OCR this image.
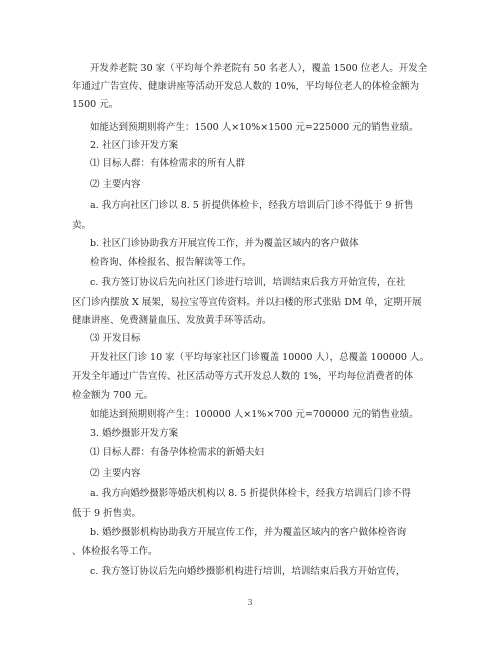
开发养老院 30 家（平均每个养老院有 50 名老人），覆盖 1500 位老人。开发全
年通过广告宣传、健康讲座等活动开发总人数的 10%，平均每位老人的体检金额为
1500 元。
如能达到预期则将产生：1500 人×10%×1500 元=225000 元的销售业绩。
2. 社区门诊开发方案
⑴ 目标人群：有体检需求的所有人群
⑵ 主要内容
a. 我方向社区门诊以 8. 5 折提供体检卡，经我方培训后门诊不得低于 9 折售
卖。
b. 社区门诊协助我方开展宣传工作，并为覆盖区域内的客户做体
检咨询、体检报名、报告解读等工作。
c. 我方签订协议后先向社区门诊进行培训，培训结束后我方开始宣传，在社
区门诊内摆放 X 展架，易拉宝等宣传资料。并以扫楼的形式张贴 DM 单，定期开展
健康讲座、免费测量血压、发放黄手环等活动。
⑶ 开发目标
开发社区门诊 10 家（平均每家社区门诊覆盖 10000 人），总覆盖 100000 人。
开发全年通过广告宣传、社区活动等方式开发总人数的 1%，平均每位消费者的体
检金额为 700 元。
如能达到预期则将产生：100000 人×1%×700 元=700000 元的销售业绩。
3. 婚纱摄影开发方案
⑴ 目标人群：有备孕体检需求的新婚夫妇
⑵ 主要内容
a. 我方向婚纱摄影等婚庆机构以 8. 5 折提供体检卡，经我方培训后门诊不得
低于 9 折售卖。
b. 婚纱摄影机构协助我方开展宣传工作，并为覆盖区域内的客户做体检咨询
、体检报名等工作。
c. 我方签订协议后先向婚纱摄影机构进行培训，培训结束后我方开始宣传，
3
